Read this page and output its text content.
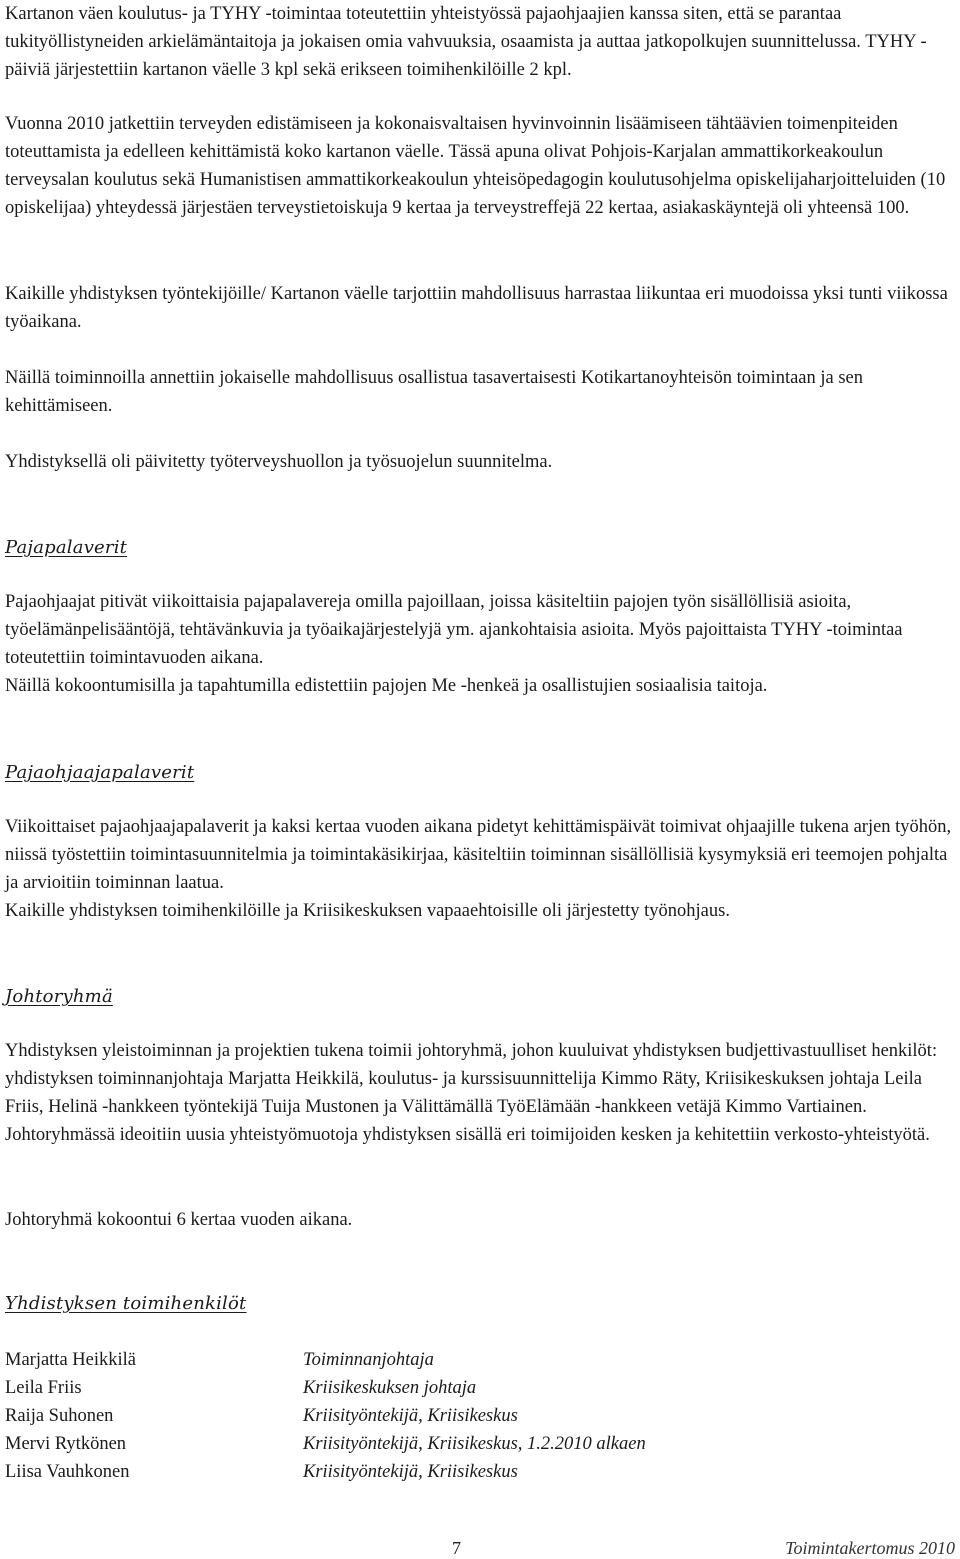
Kartanon väen koulutus- ja TYHY -toimintaa toteutettiin yhteistyössä pajaohjaajien kanssa siten, että se parantaa tukityöllistyneiden arkielämäntaitoja ja jokaisen omia vahvuuksia, osaamista ja auttaa jatkopolkujen suunnittelussa. TYHY -päiviä järjestettiin kartanon väelle 3 kpl sekä erikseen toimihenkilöille 2 kpl.

Vuonna 2010 jatkettiin terveyden edistämiseen ja kokonaisvaltaisen hyvinvoinnin lisäämiseen tähtäävien toimenpiteiden toteuttamista ja edelleen kehittämistä koko kartanon väelle. Tässä apuna olivat Pohjois-Karjalan ammattikorkeakoulun terveysalan koulutus sekä Humanistisen ammattikorkeakoulun yhteisöpedagogin koulutusohjelma opiskelijaharjoitteluiden (10 opiskelijaa) yhteydessä järjestäen terveystietoiskuja 9 kertaa ja terveystreffejä 22 kertaa, asiakaskäyntejä oli yhteensä 100.

Kaikille yhdistyksen työntekijöille/ Kartanon väelle tarjottiin mahdollisuus harrastaa liikuntaa eri muodoissa yksi tunti viikossa työaikana.

Näillä toiminnoilla annettiin jokaiselle mahdollisuus osallistua tasavertaisesti Kotikartanoyhteisön toimintaan ja sen kehittämiseen.

Yhdistyksellä oli päivitetty työterveyshuollon ja työsuojelun suunnitelma.

Pajapalaverit

Pajaohjaajat pitivät viikoittaisia pajapalavereja omilla pajoillaan, joissa käsiteltiin pajojen työn sisällöllisiä asioita, työelämänpelisääntöjä, tehtävänkuvia ja työaikajärjestelyjä ym. ajankohtaisia asioita. Myös pajoittaista TYHY -toimintaa toteutettiin toimintavuoden aikana.
Näillä kokoontumisilla ja tapahtumilla edistettiin pajojen Me -henkeä ja osallistujien sosiaalisia taitoja.

Pajaohjaajapalaverit

Viikoittaiset pajaohjaajapalaverit ja kaksi kertaa vuoden aikana pidetyt kehittämispäivät toimivat ohjaajille tukena arjen työhön, niissä työstettiin toimintasuunnitelmia ja toimintakäsikirjaa, käsiteltiin toiminnan sisällöllisiä kysymyksiä eri teemojen pohjalta ja arvioitiin toiminnan laatua.
Kaikille yhdistyksen toimihenkilöille ja Kriisikeskuksen vapaaehtoisille oli järjestetty työnohjaus.

Johtoryhmä

Yhdistyksen yleistoiminnan ja projektien tukena toimii johtoryhmä, johon kuuluivat yhdistyksen budjettivastuulliset henkilöt: yhdistyksen toiminnanjohtaja Marjatta Heikkilä, koulutus- ja kurssisuunnittelija Kimmo Räty, Kriisikeskuksen johtaja Leila Friis, Helinä -hankkeen työntekijä Tuija Mustonen ja Välittämällä TyöElämään -hankkeen vetäjä Kimmo Vartiainen. Johtoryhmässä ideoitiin uusia yhteistyömuotoja yhdistyksen sisällä eri toimijoiden kesken ja kehitettiin verkosto-yhteistyötä.

Johtoryhmä kokoontui 6 kertaa vuoden aikana.

Yhdistyksen toimihenkilöt
Marjatta Heikkilä	Toiminnanjohtaja
Leila Friis	Kriisikeskuksen johtaja
Raija Suhonen	Kriisityöntekijä, Kriisikeskus
Mervi Rytkönen	Kriisityöntekijä, Kriisikeskus, 1.2.2010 alkaen
Liisa Vauhkonen	Kriisityöntekijä, Kriisikeskus
7	Toimintakertomus 2010
